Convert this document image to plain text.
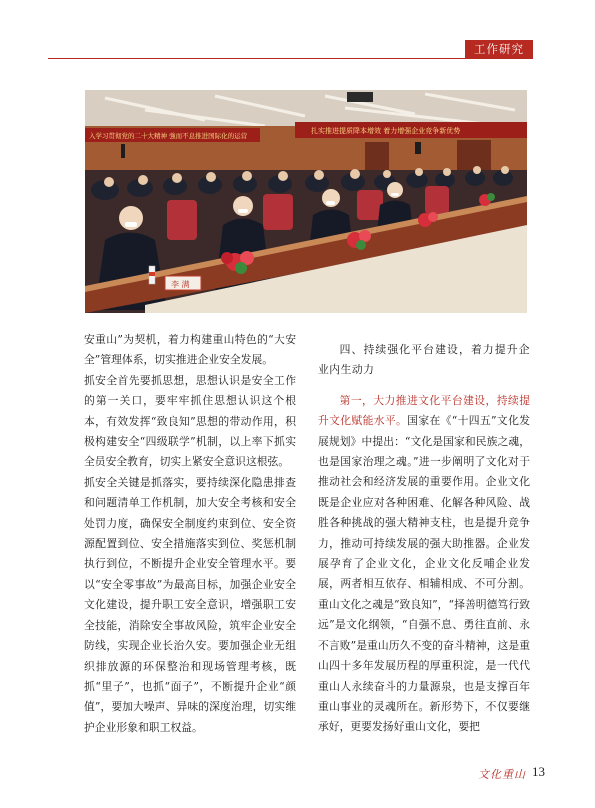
工作研究
入学习贯彻党的二十大精神 強而不息推进国际化的运营
扎实推进提质降本增效 着力增强企业竞争新优势
李 满

安重山”为契机，着力构建重山特色的“大安全”管理体系，切实推进企业安全发展。

抓安全首先要抓思想，思想认识是安全工作的第一关口，要牢牢抓住思想认识这个根本，有效发挥“致良知”思想的带动作用，积极构建安全“四级联学”机制，以上率下抓实全员安全教育，切实上紧安全意识这根弦。

抓安全关键是抓落实，要持续深化隐患排查和问题清单工作机制，加大安全考核和安全处罚力度，确保安全制度约束到位、安全资源配置到位、安全措施落实到位、奖惩机制执行到位，不断提升企业安全管理水平。要以“安全零事故”为最高目标，加强企业安全文化建设，提升职工安全意识，增强职工安全技能，消除安全事故风险，筑牢企业安全防线，实现企业长治久安。要加强企业无组织排放源的环保整治和现场管理考核，既抓“里子”，也抓“面子”，不断提升企业“颜值”，要加大噪声、异味的深度治理，切实维护企业形象和职工权益。

四、持续强化平台建设，着力提升企业内生动力

第一，大力推进文化平台建设，持续提升文化赋能水平。国家在《“十四五”文化发展规划》中提出：“文化是国家和民族之魂，也是国家治理之魂。”进一步阐明了文化对于推动社会和经济发展的重要作用。企业文化既是企业应对各种困难、化解各种风险、战胜各种挑战的强大精神支柱，也是提升竞争力，推动可持续发展的强大助推器。企业发展孕育了企业文化，企业文化反哺企业发展，两者相互依存、相辅相成、不可分割。重山文化之魂是“致良知”，“择善明德笃行致远”是文化纲领，“自强不息、勇往直前、永不言败”是重山历久不变的奋斗精神，这是重山四十多年发展历程的厚重积淀，是一代代重山人永续奋斗的力量源泉，也是支撑百年重山事业的灵魂所在。新形势下，不仅要继承好，更要发扬好重山文化，要把

文化重山 13
